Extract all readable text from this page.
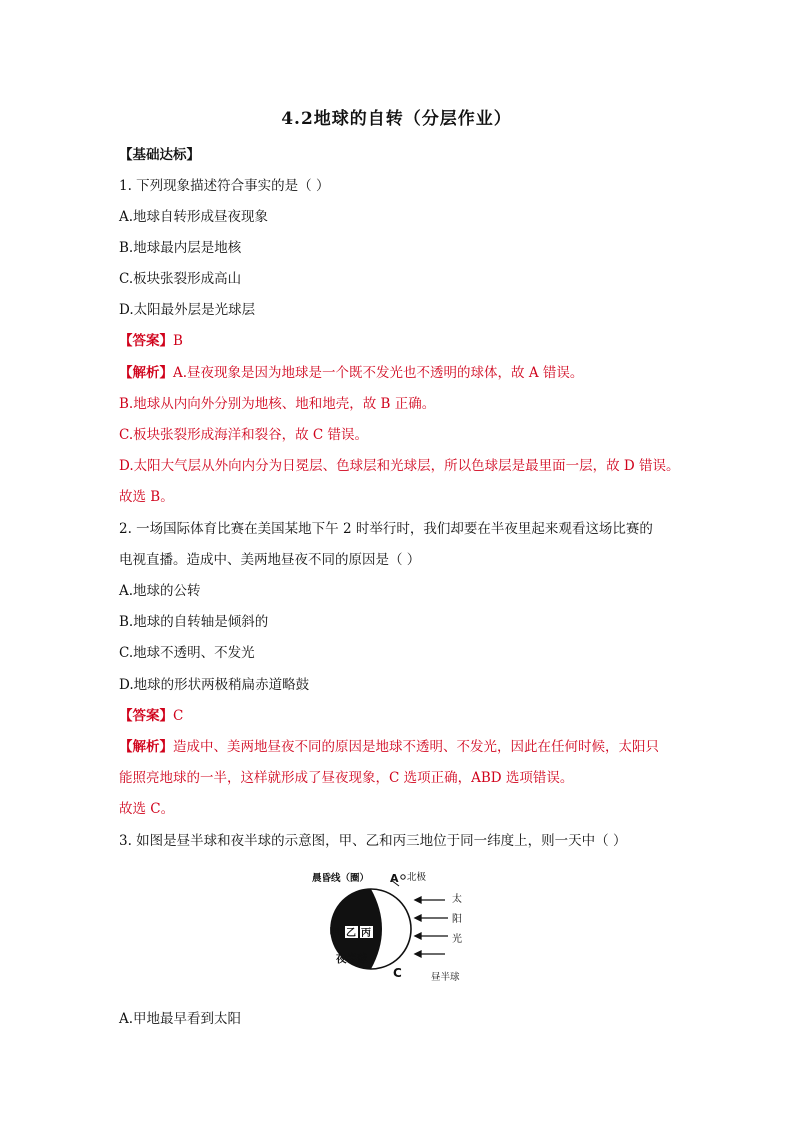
4.2地球的自转（分层作业）
【基础达标】
1. 下列现象描述符合事实的是（ ）
A.地球自转形成昼夜现象
B.地球最内层是地核
C.板块张裂形成高山
D.太阳最外层是光球层
【答案】B
【解析】A.昼夜现象是因为地球是一个既不发光也不透明的球体，故 A 错误。
B.地球从内向外分别为地核、地和地壳，故 B 正确。
C.板块张裂形成海洋和裂谷，故 C 错误。
D.太阳大气层从外向内分为日冕层、色球层和光球层，所以色球层是最里面一层，故 D 错误。
故选 B。
2. 一场国际体育比赛在美国某地下午 2 时举行时，我们却要在半夜里起来观看这场比赛的
电视直播。造成中、美两地昼夜不同的原因是（ ）
A.地球的公转
B.地球的自转轴是倾斜的
C.地球不透明、不发光
D.地球的形状两极稍扁赤道略鼓
【答案】C
【解析】造成中、美两地昼夜不同的原因是地球不透明、不发光，因此在任何时候，太阳只
能照亮地球的一半，这样就形成了昼夜现象，C 选项正确，ABD 选项错误。
故选 C。
3. 如图是昼半球和夜半球的示意图，甲、乙和丙三地位于同一纬度上，则一天中（ ）
晨昏线（圈） A 北极
太
阳
光
甲 乙 丙
夜半球
C	昼半球
A.甲地最早看到太阳
